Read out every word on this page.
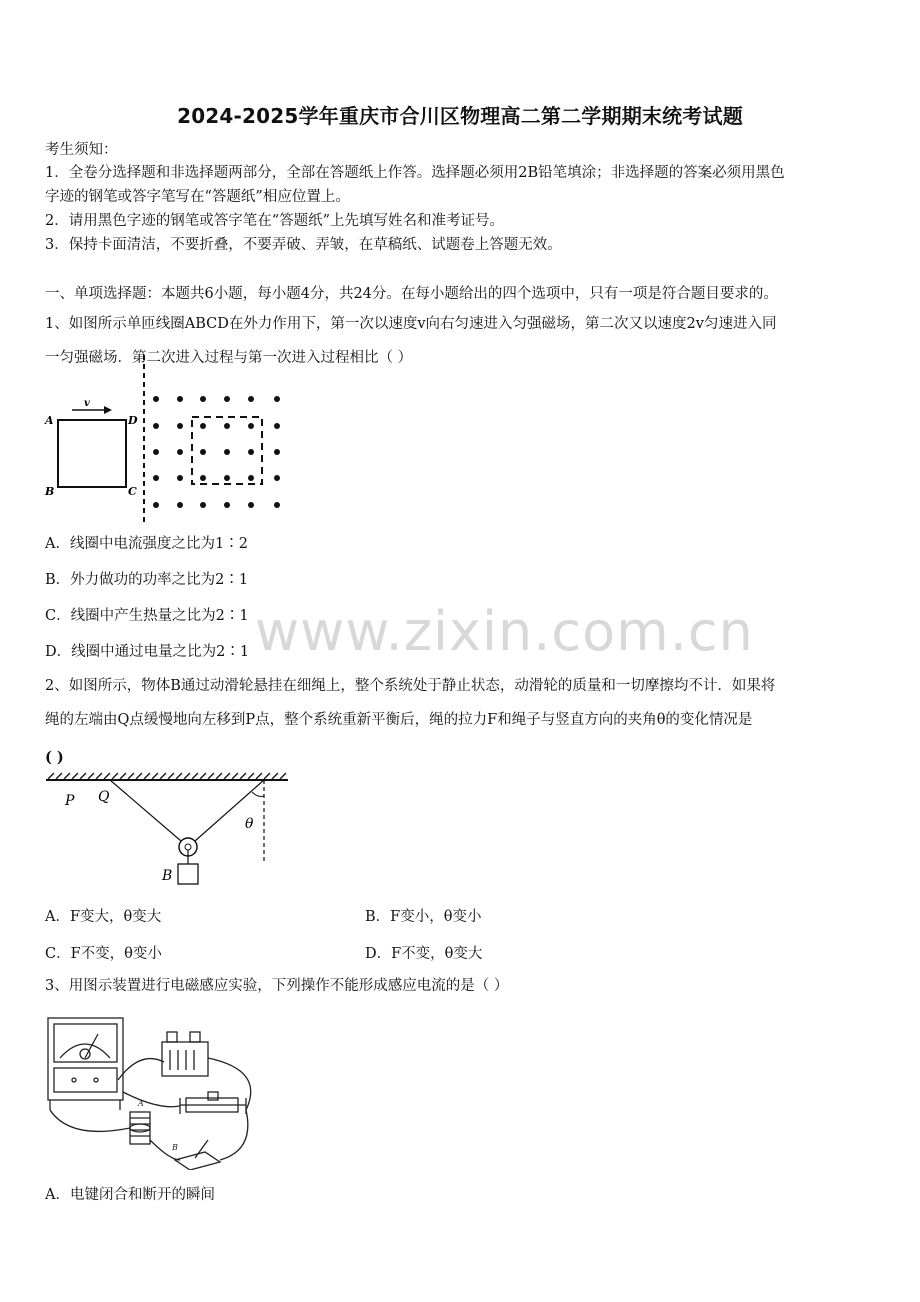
2024-2025学年重庆市合川区物理高二第二学期期末统考试题
考生须知：
1．全卷分选择题和非选择题两部分，全部在答题纸上作答。选择题必须用2B铅笔填涂；非选择题的答案必须用黑色
字迹的钢笔或答字笔写在“答题纸”相应位置上。
2．请用黑色字迹的钢笔或答字笔在“答题纸”上先填写姓名和准考证号。
3．保持卡面清洁，不要折叠，不要弄破、弄皱，在草稿纸、试题卷上答题无效。
一、单项选择题：本题共6小题，每小题4分，共24分。在每小题给出的四个选项中，只有一项是符合题目要求的。
1、如图所示单匝线圈ABCD在外力作用下，第一次以速度v向右匀速进入匀强磁场，第二次又以速度2v匀速进入同
一匀强磁场．第二次进入过程与第一次进入过程相比（ ）
A	D
B	C
v
A．线圈中电流强度之比为1∶2
B．外力做功的功率之比为2∶1
C．线圈中产生热量之比为2∶1
D．线圈中通过电量之比为2∶1 www.zixin.com.cn
2、如图所示，物体B通过动滑轮悬挂在细绳上，整个系统处于静止状态，动滑轮的质量和一切摩擦均不计．如果将
绳的左端由Q点缓慢地向左移到P点，整个系统重新平衡后，绳的拉力F和绳子与竖直方向的夹角θ的变化情况是
( )
P Q
B
θ
A．F变大，θ变大	B．F变小，θ变小
C．F不变，θ变小	D．F不变，θ变大
3、用图示装置进行电磁感应实验，下列操作不能形成感应电流的是（ ）
A
B
A．电键闭合和断开的瞬间
